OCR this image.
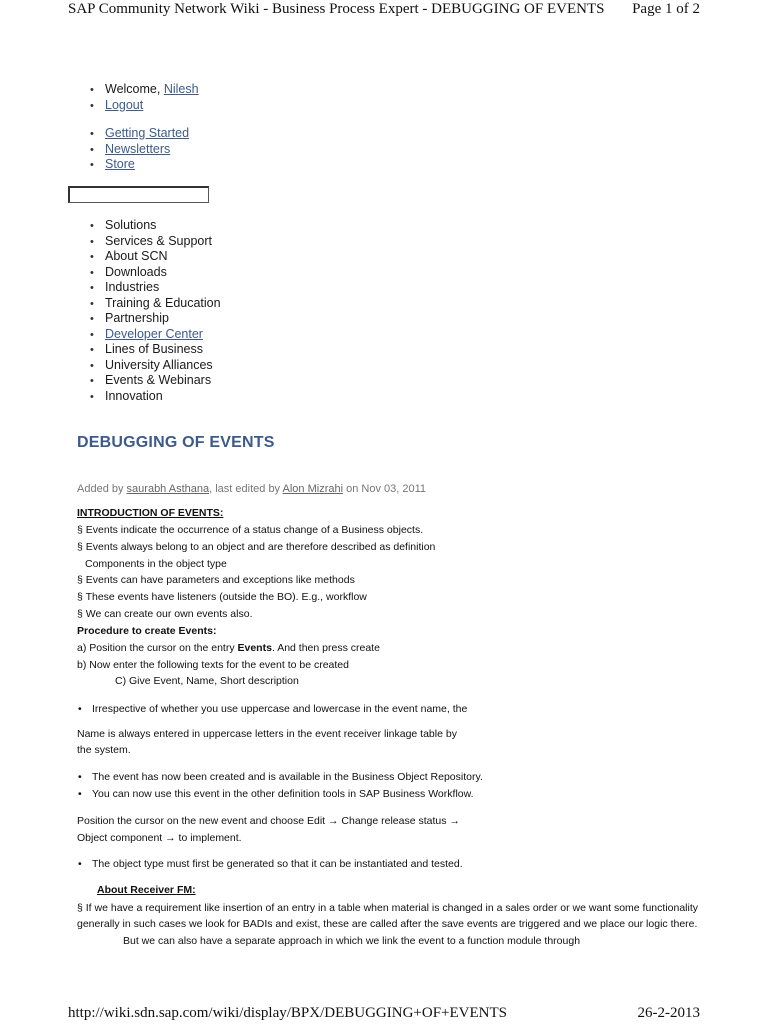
SAP Community Network Wiki - Business Process Expert - DEBUGGING OF EVENTS Page 1 of 2
• Welcome, Nilesh
• Logout
• Getting Started
• Newsletters
• Store
• Solutions
• Services & Support
• About SCN
• Downloads
• Industries
• Training & Education
• Partnership
• Developer Center
• Lines of Business
• University Alliances
• Events & Webinars
• Innovation
DEBUGGING OF EVENTS
Added by saurabh Asthana, last edited by Alon Mizrahi on Nov 03, 2011
INTRODUCTION OF EVENTS:
§ Events indicate the occurrence of a status change of a Business objects.
§ Events always belong to an object and are therefore described as definition
Components in the object type
§ Events can have parameters and exceptions like methods
§ These events have listeners (outside the BO). E.g., workflow
§ We can create our own events also.
Procedure to create Events:
a) Position the cursor on the entry Events. And then press create
b) Now enter the following texts for the event to be created
C) Give Event, Name, Short description
• Irrespective of whether you use uppercase and lowercase in the event name, the
Name is always entered in uppercase letters in the event receiver linkage table by
the system.
• The event has now been created and is available in the Business Object Repository.
• You can now use this event in the other definition tools in SAP Business Workflow.
Position the cursor on the new event and choose Edit → Change release status →
Object component → to implement.
• The object type must first be generated so that it can be instantiated and tested.
About Receiver FM:
§ If we have a requirement like insertion of an entry in a table when material is changed in a sales order or we want some functionality
generally in such cases we look for BADIs and exist, these are called after the save events are triggered and we place our logic there.
But we can also have a separate approach in which we link the event to a function module through
http://wiki.sdn.sap.com/wiki/display/BPX/DEBUGGING+OF+EVENTS	26-2-2013
